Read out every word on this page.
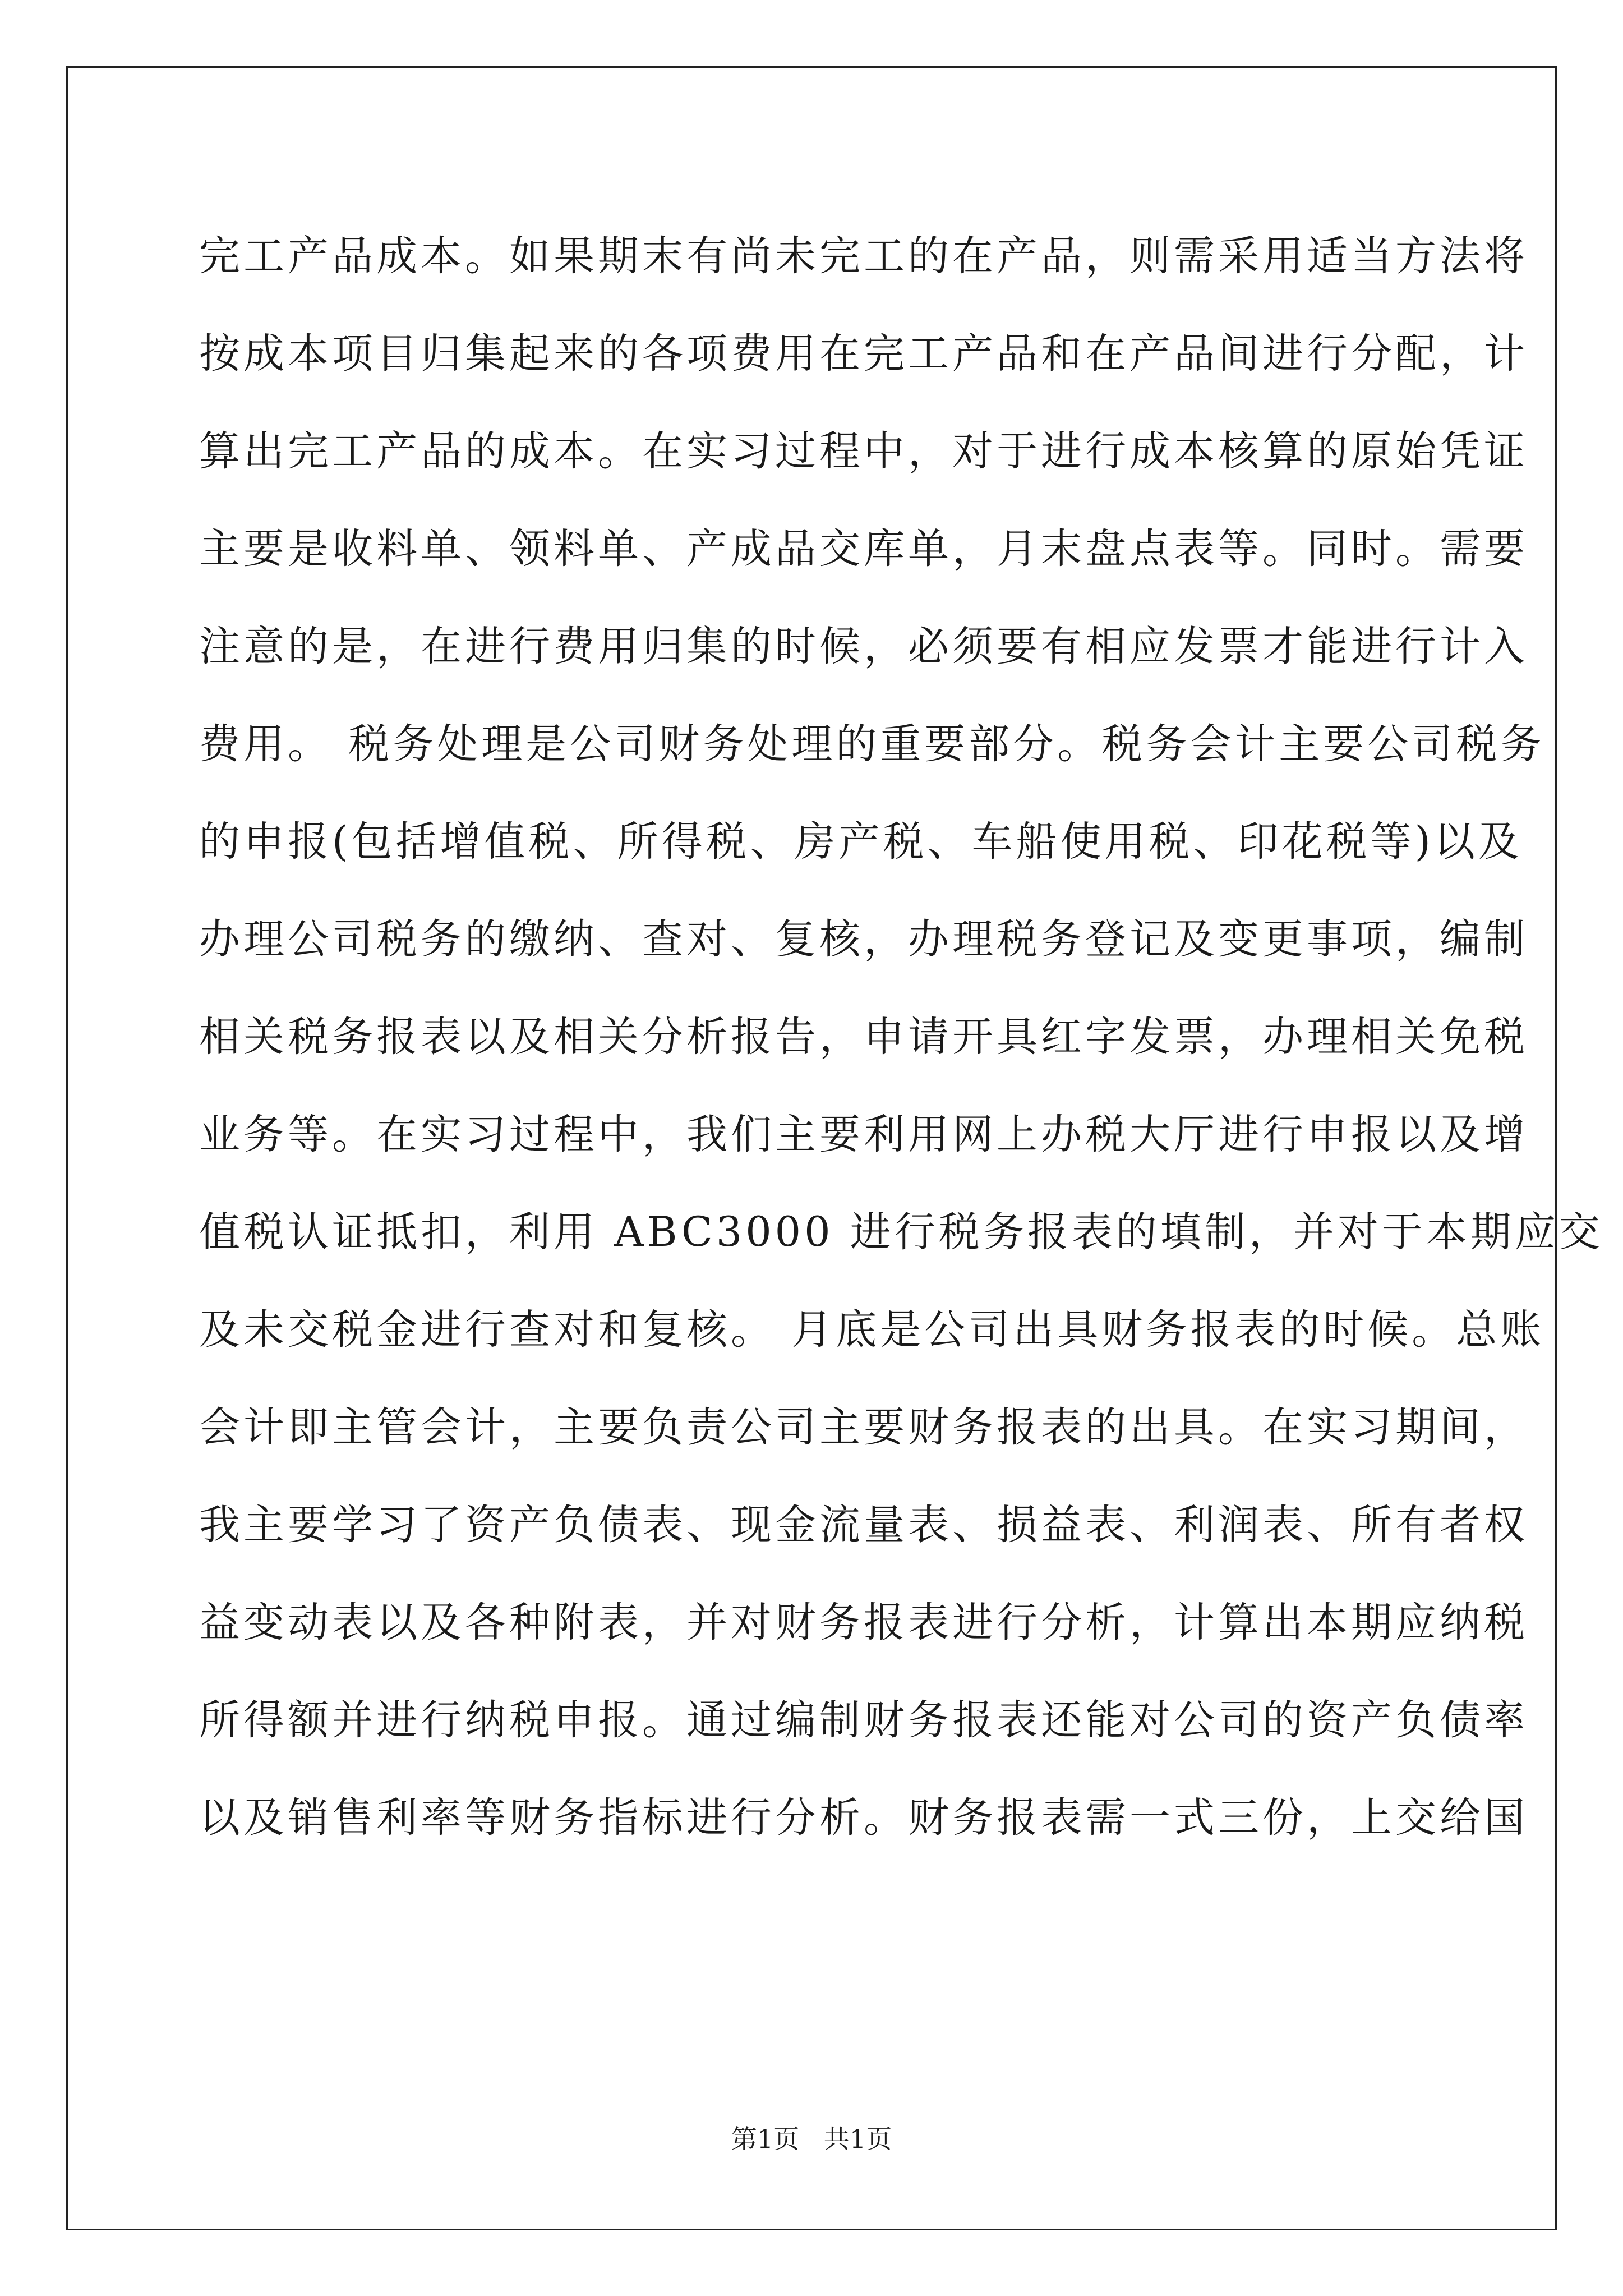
完工产品成本。如果期末有尚未完工的在产品，则需采用适当方法将
按成本项目归集起来的各项费用在完工产品和在产品间进行分配，计
算出完工产品的成本。在实习过程中，对于进行成本核算的原始凭证
主要是收料单、领料单、产成品交库单，月末盘点表等。同时。需要
注意的是，在进行费用归集的时候，必须要有相应发票才能进行计入
费用。 税务处理是公司财务处理的重要部分。税务会计主要公司税务
的申报(包括增值税、所得税、房产税、车船使用税、印花税等)以及
办理公司税务的缴纳、查对、复核，办理税务登记及变更事项，编制
相关税务报表以及相关分析报告，申请开具红字发票，办理相关免税
业务等。在实习过程中，我们主要利用网上办税大厅进行申报以及增
值税认证抵扣，利用 ABC3000 进行税务报表的填制，并对于本期应交
及未交税金进行查对和复核。 月底是公司出具财务报表的时候。总账
会计即主管会计，主要负责公司主要财务报表的出具。在实习期间，
我主要学习了资产负债表、现金流量表、损益表、利润表、所有者权
益变动表以及各种附表，并对财务报表进行分析，计算出本期应纳税
所得额并进行纳税申报。通过编制财务报表还能对公司的资产负债率
以及销售利率等财务指标进行分析。财务报表需一式三份，上交给国
第1页   共1页
